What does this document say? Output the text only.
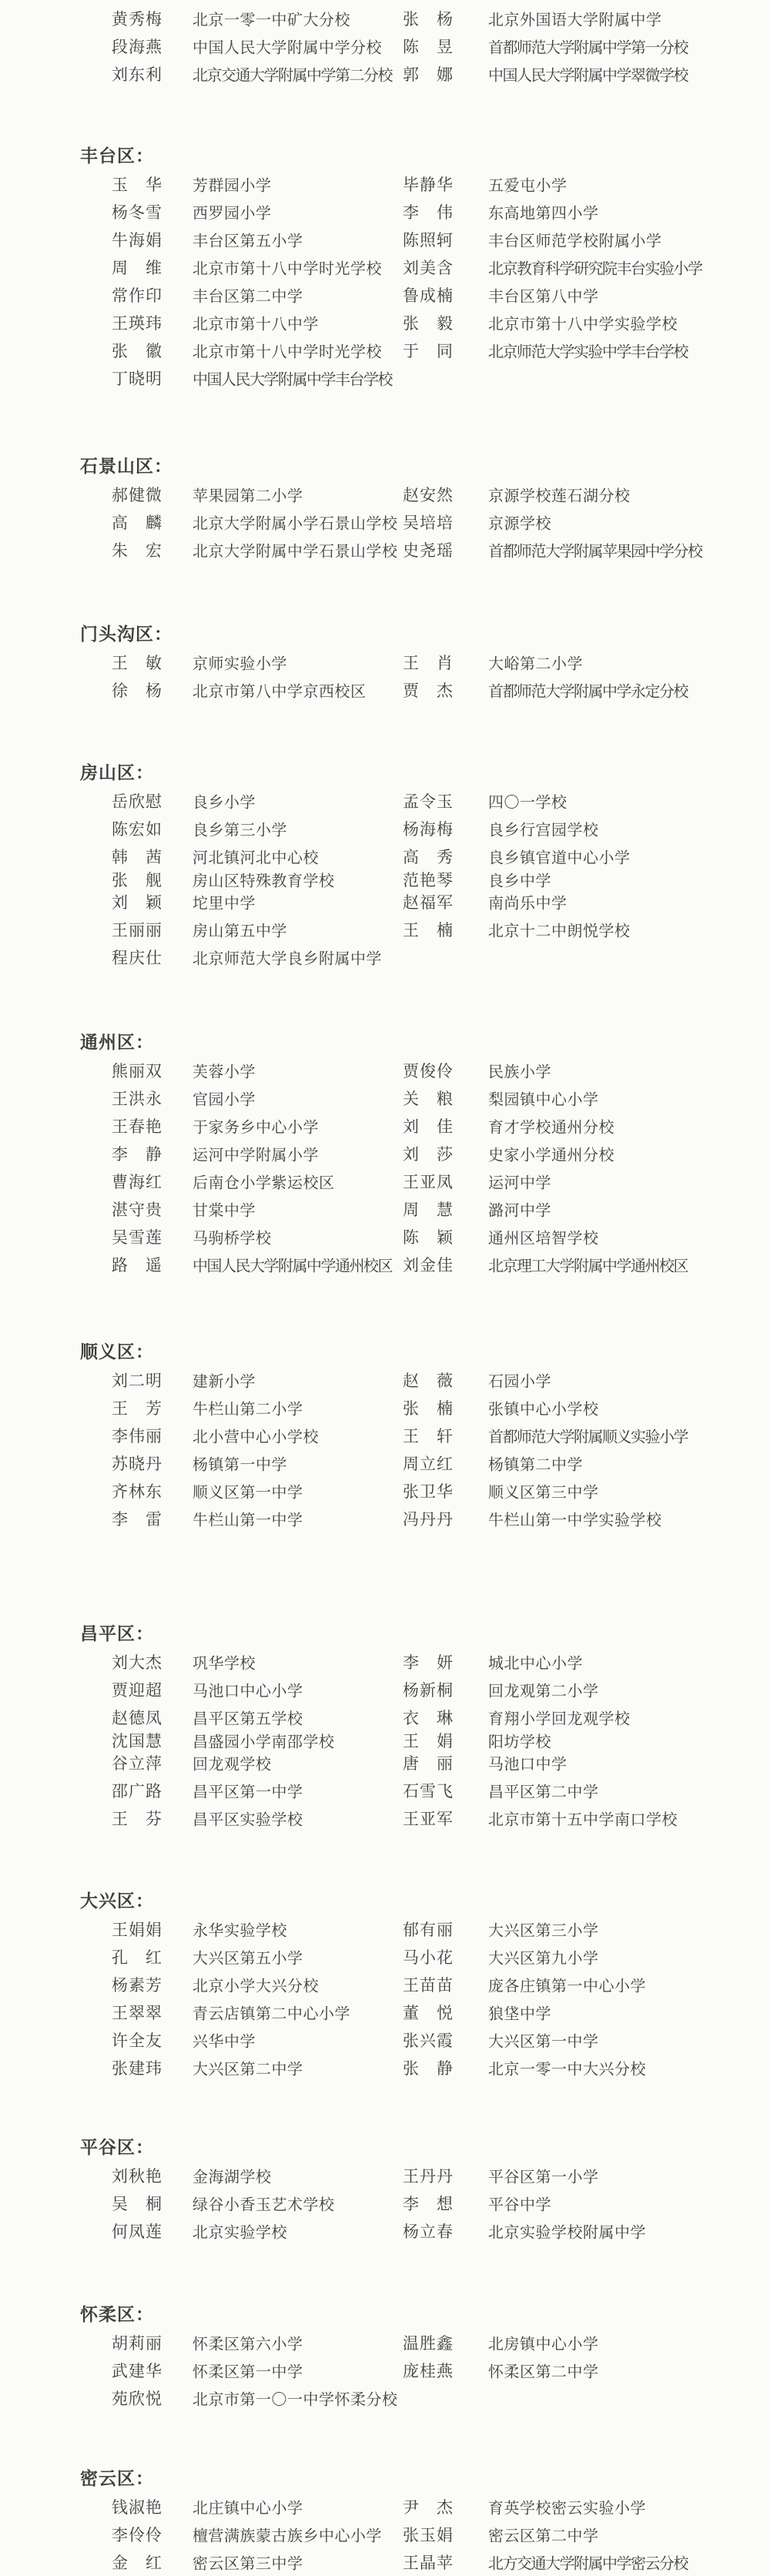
黄秀梅 北京一零一中矿大分校	张　杨 北京外国语大学附属中学
段海燕 中国人民大学附属中学分校 陈　昱 首都师范大学附属中学第一分校
刘东利 北京交通大学附属中学第二分校 郭　娜 中国人民大学附属中学翠微学校
丰台区：
玉　华 芳群园小学	毕静华 五爱屯小学
杨冬雪 西罗园小学	李　伟 东高地第四小学
牛海娟 丰台区第五小学	陈照轲 丰台区师范学校附属小学
周　维 北京市第十八中学时光学校 刘美含 北京教育科学研究院丰台实验小学
常作印 丰台区第二中学	鲁成楠 丰台区第八中学
王瑛玮 北京市第十八中学	张　毅 北京市第十八中学实验学校
张　徽 北京市第十八中学时光学校 于　同 北京师范大学实验中学丰台学校
丁晓明 中国人民大学附属中学丰台学校
石景山区：
郝健微 苹果园第二小学	赵安然 京源学校莲石湖分校
高　麟 北京大学附属小学石景山学校 吴培培 京源学校
朱　宏 北京大学附属中学石景山学校 史尧瑶 首都师范大学附属苹果园中学分校
门头沟区：
王　敏 京师实验小学	王　肖 大峪第二小学
徐　杨 北京市第八中学京西校区 贾　杰 首都师范大学附属中学永定分校
房山区：
岳欣慰 良乡小学	孟令玉 四〇一学校
陈宏如 良乡第三小学	杨海梅 良乡行宫园学校
韩　茜 河北镇河北中心校	高　秀 良乡镇官道中心小学
张　舰 房山区特殊教育学校	范艳琴 良乡中学
刘　颖 坨里中学	赵福军 南尚乐中学
王丽丽 房山第五中学	王　楠 北京十二中朗悦学校
程庆仕 北京师范大学良乡附属中学
通州区：
熊丽双 芙蓉小学	贾俊伶 民族小学
王洪永 官园小学	关　粮 梨园镇中心小学
王春艳 于家务乡中心小学	刘　佳 育才学校通州分校
李　静 运河中学附属小学	刘　莎 史家小学通州分校
曹海红 后南仓小学紫运校区	王亚凤 运河中学
湛守贵 甘棠中学	周　慧 潞河中学
吴雪莲 马驹桥学校	陈　颖 通州区培智学校
路　遥 中国人民大学附属中学通州校区 刘金佳 北京理工大学附属中学通州校区
顺义区：
刘二明 建新小学	赵　薇 石园小学
王　芳 牛栏山第二小学	张　楠 张镇中心小学校
李伟丽 北小营中心小学校	王　轩 首都师范大学附属顺义实验小学
苏晓丹 杨镇第一中学	周立红 杨镇第二中学
齐林东 顺义区第一中学	张卫华 顺义区第三中学
李　雷 牛栏山第一中学	冯丹丹 牛栏山第一中学实验学校
昌平区：
刘大杰 巩华学校	李　妍 城北中心小学
贾迎超 马池口中心小学	杨新桐 回龙观第二小学
赵德凤 昌平区第五学校	衣　琳 育翔小学回龙观学校
沈国慧 昌盛园小学南邵学校	王　娟 阳坊学校
谷立萍 回龙观学校	唐　丽 马池口中学
邵广路 昌平区第一中学	石雪飞 昌平区第二中学
王　芬 昌平区实验学校	王亚军 北京市第十五中学南口学校
大兴区：
王娟娟 永华实验学校	郁有丽 大兴区第三小学
孔　红 大兴区第五小学	马小花 大兴区第九小学
杨素芳 北京小学大兴分校	王苗苗 庞各庄镇第一中心小学
王翠翠 青云店镇第二中心小学	董　悦 狼垡中学
许全友 兴华中学	张兴霞 大兴区第一中学
张建玮 大兴区第二中学	张　静 北京一零一中大兴分校
平谷区：
刘秋艳 金海湖学校	王丹丹 平谷区第一小学
吴　桐 绿谷小香玉艺术学校	李　想 平谷中学
何凤莲 北京实验学校	杨立春 北京实验学校附属中学
怀柔区：
胡莉丽 怀柔区第六小学	温胜鑫 北房镇中心小学
武建华 怀柔区第一中学	庞桂燕 怀柔区第二中学
苑欣悦 北京市第一〇一中学怀柔分校
密云区：
钱淑艳 北庄镇中心小学	尹　杰 育英学校密云实验小学
李伶伶 檀营满族蒙古族乡中心小学 张玉娟 密云区第二中学
金　红 密云区第三中学	王晶苹 北方交通大学附属中学密云分校
